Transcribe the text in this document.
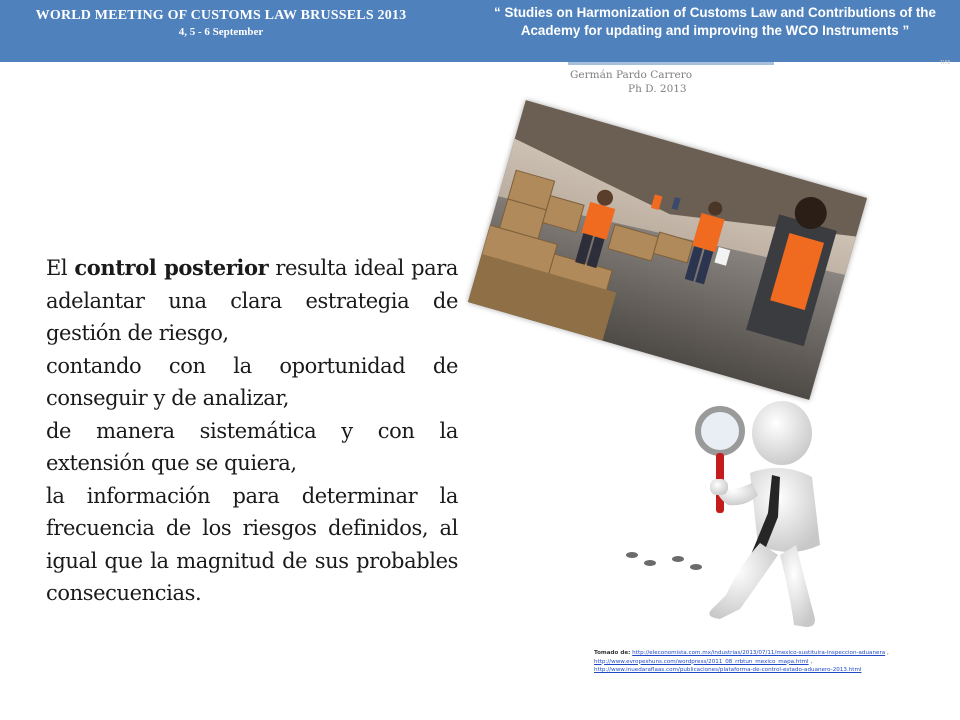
WORLD MEETING OF CUSTOMS LAW BRUSSELS 2013
4, 5 - 6 September
“ Studies on Harmonization of Customs Law and Contributions of the Academy for updating and improving the WCO Instruments ”
TIFE
Germán Pardo Carrero
Ph D. 2013

El control posterior resulta ideal para adelantar una clara estrategia de gestión de riesgo,

contando con la oportunidad de conseguir y de analizar,

de manera sistemática y con la extensión que se quiera,

la información para determinar la frecuencia de los riesgos definidos, al igual que la magnitud de sus probables consecuencias.

Tomado de: http://eleconomista.com.mx/industrias/2013/07/11/mexico-sustituira-inspeccion-aduanera , http://www.evropeshuns.com/wordpress/2011_08_rrbtun_mexico_mapa.html , http://www.inuedaraflaas.com/publicaciones/plataforma-de-control-estado-aduanero-2013.html
